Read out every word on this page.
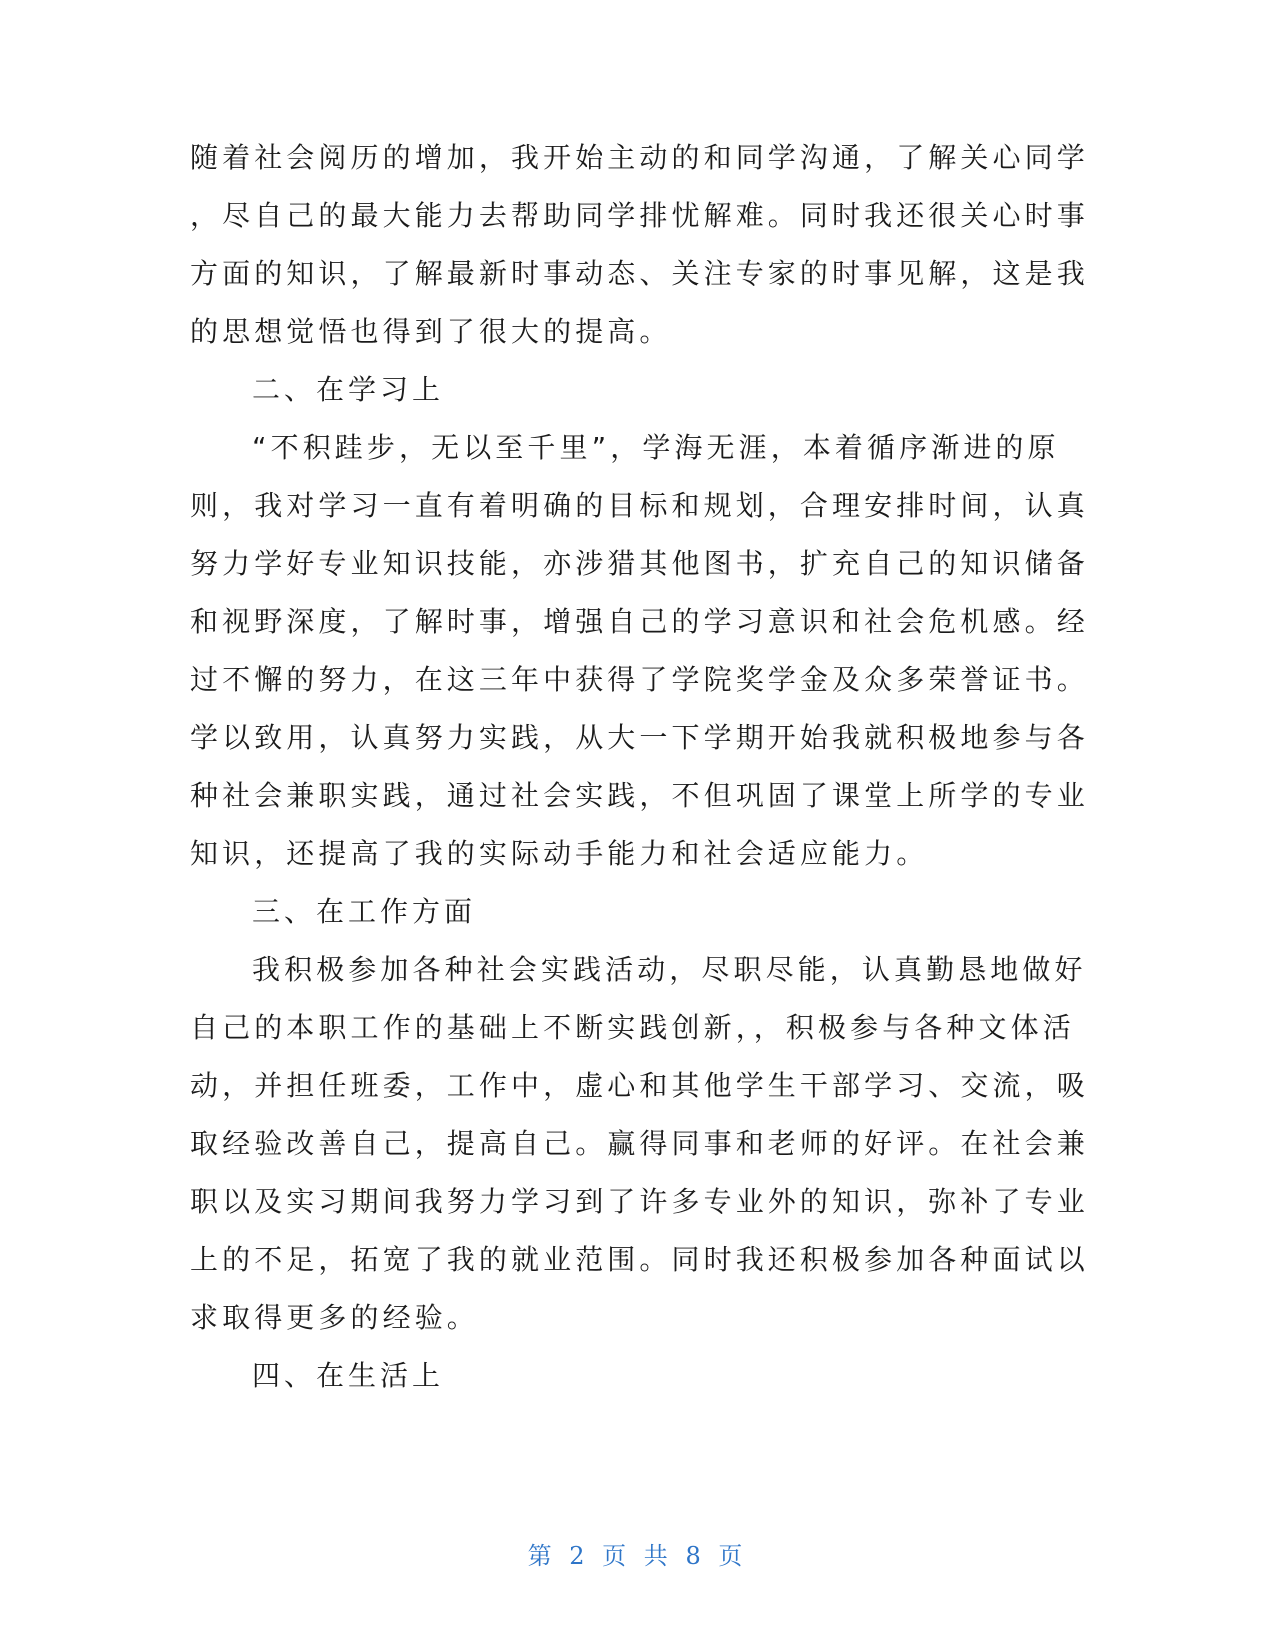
随着社会阅历的增加，我开始主动的和同学沟通，了解关心同学
，尽自己的最大能力去帮助同学排忧解难。同时我还很关心时事
方面的知识，了解最新时事动态、关注专家的时事见解，这是我
的思想觉悟也得到了很大的提高。
二、在学习上
“不积跬步，无以至千里”，学海无涯，本着循序渐进的原
则，我对学习一直有着明确的目标和规划，合理安排时间，认真
努力学好专业知识技能，亦涉猎其他图书，扩充自己的知识储备
和视野深度，了解时事，增强自己的学习意识和社会危机感。经
过不懈的努力，在这三年中获得了学院奖学金及众多荣誉证书。
学以致用，认真努力实践，从大一下学期开始我就积极地参与各
种社会兼职实践，通过社会实践，不但巩固了课堂上所学的专业
知识，还提高了我的实际动手能力和社会适应能力。
三、在工作方面
我积极参加各种社会实践活动，尽职尽能，认真勤恳地做好
自己的本职工作的基础上不断实践创新，，积极参与各种文体活
动，并担任班委，工作中，虚心和其他学生干部学习、交流，吸
取经验改善自己，提高自己。赢得同事和老师的好评。在社会兼
职以及实习期间我努力学习到了许多专业外的知识，弥补了专业
上的不足，拓宽了我的就业范围。同时我还积极参加各种面试以
求取得更多的经验。
四、在生活上
第 2 页 共 8 页
